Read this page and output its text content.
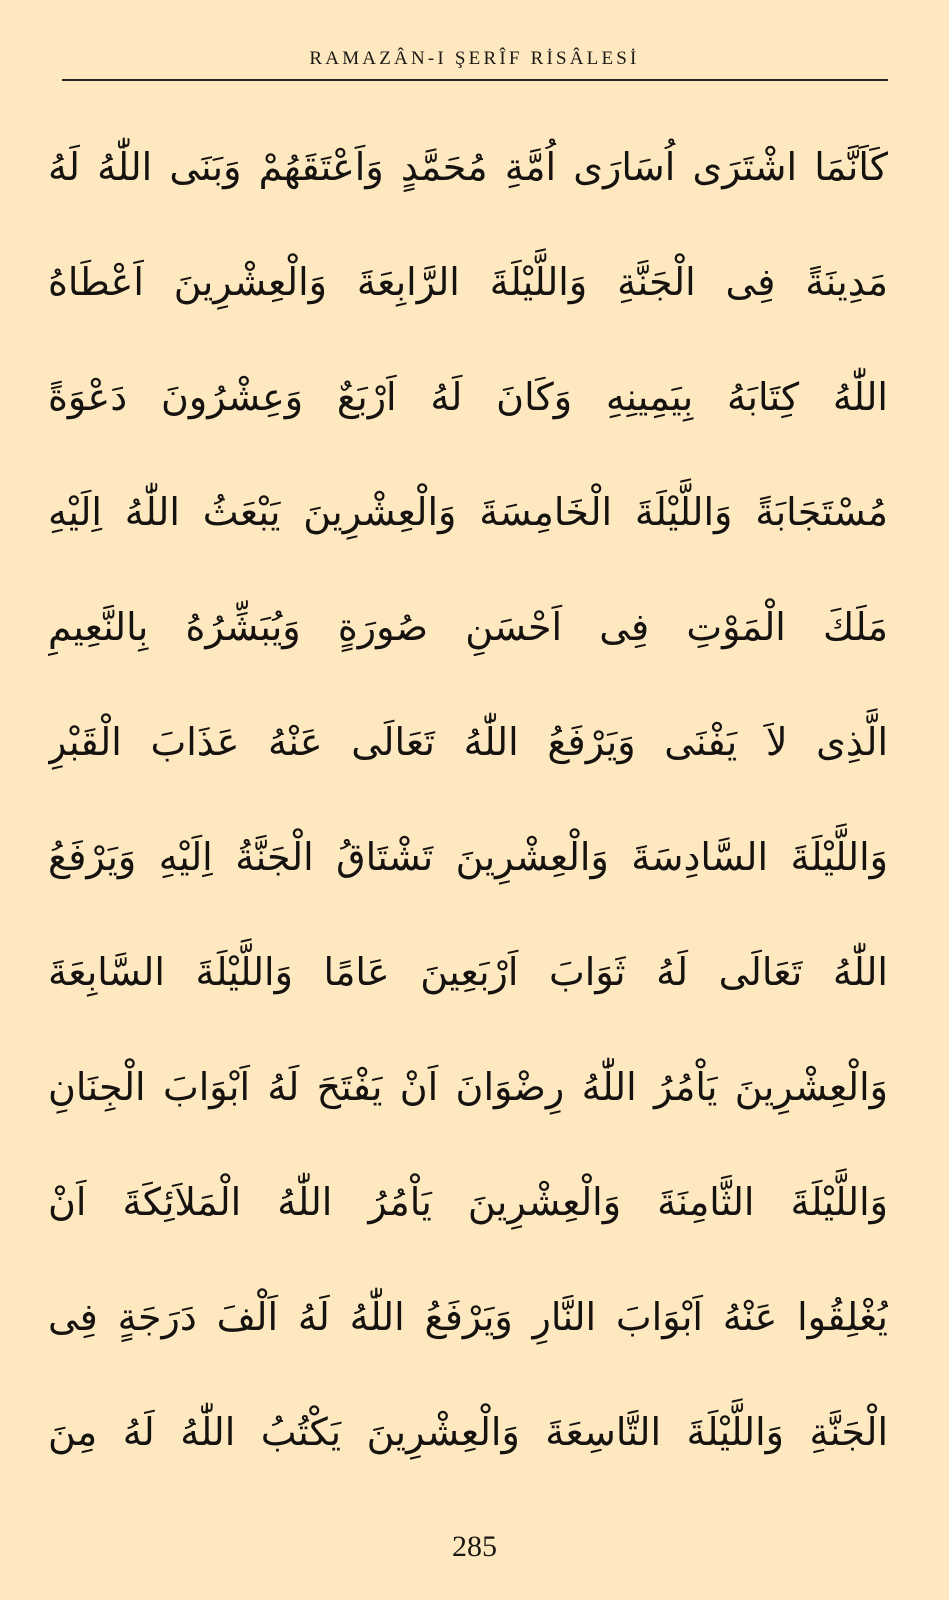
RAMAZÂN-I ŞERÎF RİSÂLESİ
كَاَنَّمَا اشْتَرَى اُسَارَى اُمَّةِ مُحَمَّدٍ وَاَعْتَقَهُمْ وَبَنَى اللّٰهُ لَهُ
مَدِينَةً فِى الْجَنَّةِ وَاللَّيْلَةَ الرَّابِعَةَ وَالْعِشْرِينَ اَعْطَاهُ
اللّٰهُ كِتَابَهُ بِيَمِينِهِ وَكَانَ لَهُ اَرْبَعٌ وَعِشْرُونَ دَعْوَةً
مُسْتَجَابَةً وَاللَّيْلَةَ الْخَامِسَةَ وَالْعِشْرِينَ يَبْعَثُ اللّٰهُ اِلَيْهِ
مَلَكَ الْمَوْتِ فِى اَحْسَنِ صُورَةٍ وَيُبَشِّرُهُ بِالنَّعِيمِ
الَّذِى لاَ يَفْنَى وَيَرْفَعُ اللّٰهُ تَعَالَى عَنْهُ عَذَابَ الْقَبْرِ
وَاللَّيْلَةَ السَّادِسَةَ وَالْعِشْرِينَ تَشْتَاقُ الْجَنَّةُ اِلَيْهِ وَيَرْفَعُ
اللّٰهُ تَعَالَى لَهُ ثَوَابَ اَرْبَعِينَ عَامًا وَاللَّيْلَةَ السَّابِعَةَ
وَالْعِشْرِينَ يَاْمُرُ اللّٰهُ رِضْوَانَ اَنْ يَفْتَحَ لَهُ اَبْوَابَ الْجِنَانِ
وَاللَّيْلَةَ الثَّامِنَةَ وَالْعِشْرِينَ يَاْمُرُ اللّٰهُ الْمَلاَئِكَةَ اَنْ
يُغْلِقُوا عَنْهُ اَبْوَابَ النَّارِ وَيَرْفَعُ اللّٰهُ لَهُ اَلْفَ دَرَجَةٍ فِى
الْجَنَّةِ وَاللَّيْلَةَ التَّاسِعَةَ وَالْعِشْرِينَ يَكْتُبُ اللّٰهُ لَهُ مِنَ
285
